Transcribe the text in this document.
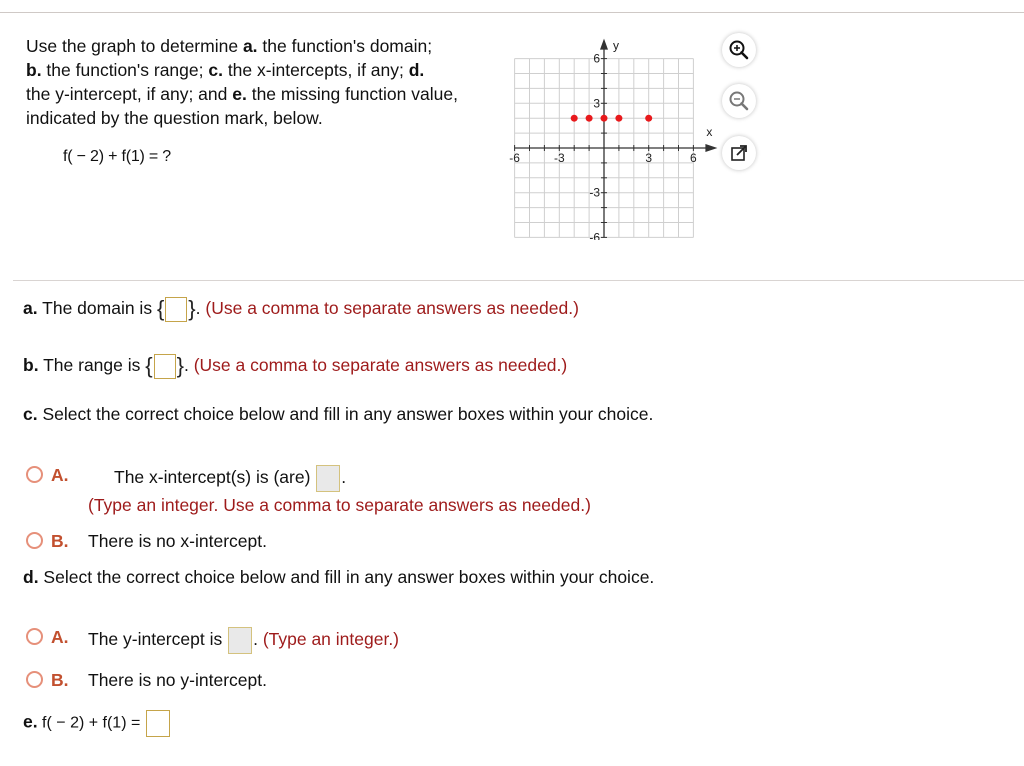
Use the graph to determine a. the function's domain;
b. the function's range; c. the x-intercepts, if any; d.
the y-intercept, if any; and e. the missing function value, indicated by the question mark, below.
f( − 2) + f(1) = ?	-6	-3	3	6
6
3
-3
-6
x
y
a. The domain is { }. (Use a comma to separate answers as needed.)
b. The range is { }. (Use a comma to separate answers as needed.)
c. Select the correct choice below and fill in any answer boxes within your choice.
A.	The x-intercept(s) is (are) .
(Type an integer. Use a comma to separate answers as needed.)
B. There is no x-intercept.
d. Select the correct choice below and fill in any answer boxes within your choice.
A. The y-intercept is . (Type an integer.)
B. There is no y-intercept.
e. f( − 2) + f(1) =
